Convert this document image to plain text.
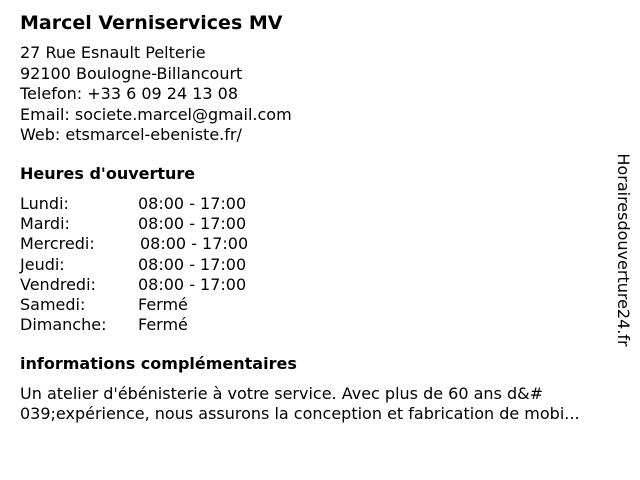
Marcel Verniservices MV
27 Rue Esnault Pelterie
92100 Boulogne-Billancourt
Telefon: +33 6 09 24 13 08
Email: societe.marcel@gmail.com
Web: etsmarcel-ebeniste.fr/
Heures d'ouverture
Lundi:	08:00 - 17:00
Mardi:	08:00 - 17:00
Mercredi:	08:00 - 17:00
Jeudi:	08:00 - 17:00
Vendredi:	08:00 - 17:00
Samedi:	Fermé
Dimanche: Fermé
informations complémentaires
Un atelier d'ébénisterie à votre service. Avec plus de 60 ans d&#
039;expérience, nous assurons la conception et fabrication de mobi...
Horairesdouverture24.fr
